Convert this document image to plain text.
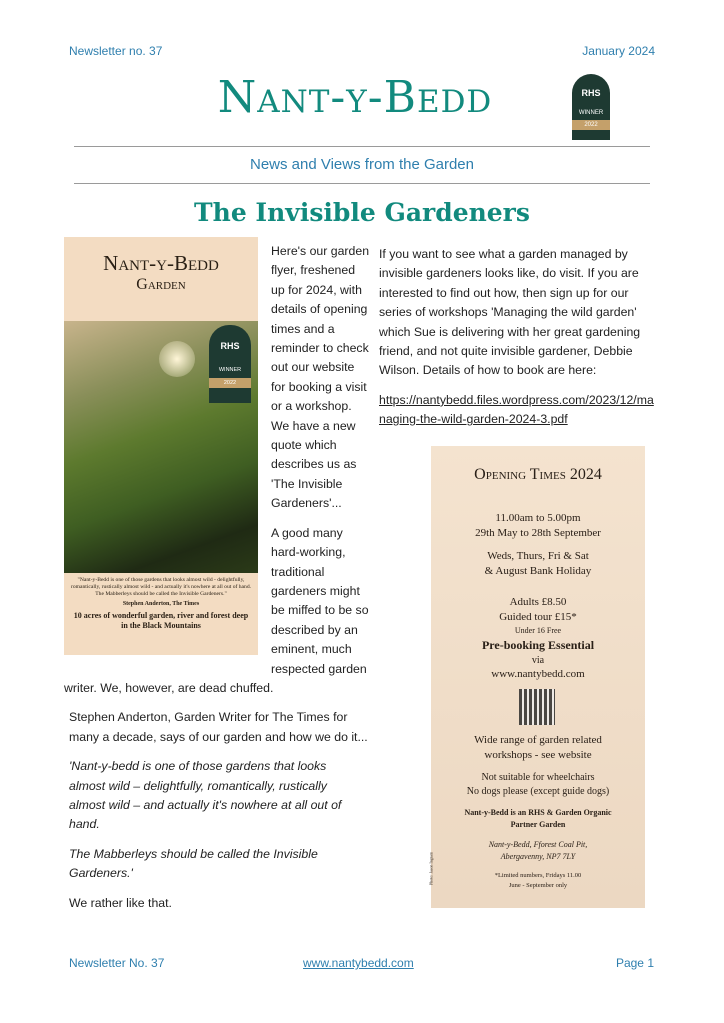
Newsletter no. 37	January 2024
Nant-y-Bedd	RHS
WINNER
2022
News and Views from the Garden
The Invisible Gardeners
Nant-y-Bedd
Garden
RHS
WINNER
2022
"Nant-y-Bedd is one of those gardens that looks almost wild - delightfully, romantically, rustically almost wild - and actually it's nowhere at all out of hand. The Mabberleys should be called the Invisible Gardeners."
Stephen Anderton, The Times
10 acres of wonderful garden, river and forest deep in the Black Mountains
Here's our garden flyer, freshened up for 2024, with details of opening times and a reminder to check out our website for booking a visit or a workshop. We have a new quote which describes us as 'The Invisible Gardeners'...
A good many hard-working, traditional gardeners might be miffed to be so described by an eminent, much respected garden writer. We, however, are dead chuffed.
Stephen Anderton, Garden Writer for The Times for many a decade, says of our garden and how we do it...
'Nant-y-bedd is one of those gardens that looks almost wild – delightfully, romantically, rustically almost wild – and actually it's nowhere at all out of hand.
The Mabberleys should be called the Invisible Gardeners.'
We rather like that.
If you want to see what a garden managed by invisible gardeners looks like, do visit. If you are interested to find out how, then sign up for our series of workshops 'Managing the wild garden' which Sue is delivering with her great gardening friend, and not quite invisible gardener, Debbie Wilson. Details of how to book are here:
https://nantybedd.files.wordpress.com/2023/12/managing-the-wild-garden-2024-3.pdf
Opening Times 2024
11.00am to 5.00pm
29th May to 28th September
Weds, Thurs, Fri & Sat
& August Bank Holiday
Adults £8.50
Guided tour £15*
Under 16 Free
Pre-booking Essential
via
www.nantybedd.com
Wide range of garden related
workshops - see website
Not suitable for wheelchairs
No dogs please (except guide dogs)
Nant-y-Bedd is an RHS & Garden Organic
Partner Garden
Nant-y-Bedd, Fforest Coal Pit,
Abergavenny, NP7 7LY
*Limited numbers, Fridays 11.00
June - September only
Photo: Jason Ingram
Newsletter No. 37	www.nantybedd.com	Page 1
